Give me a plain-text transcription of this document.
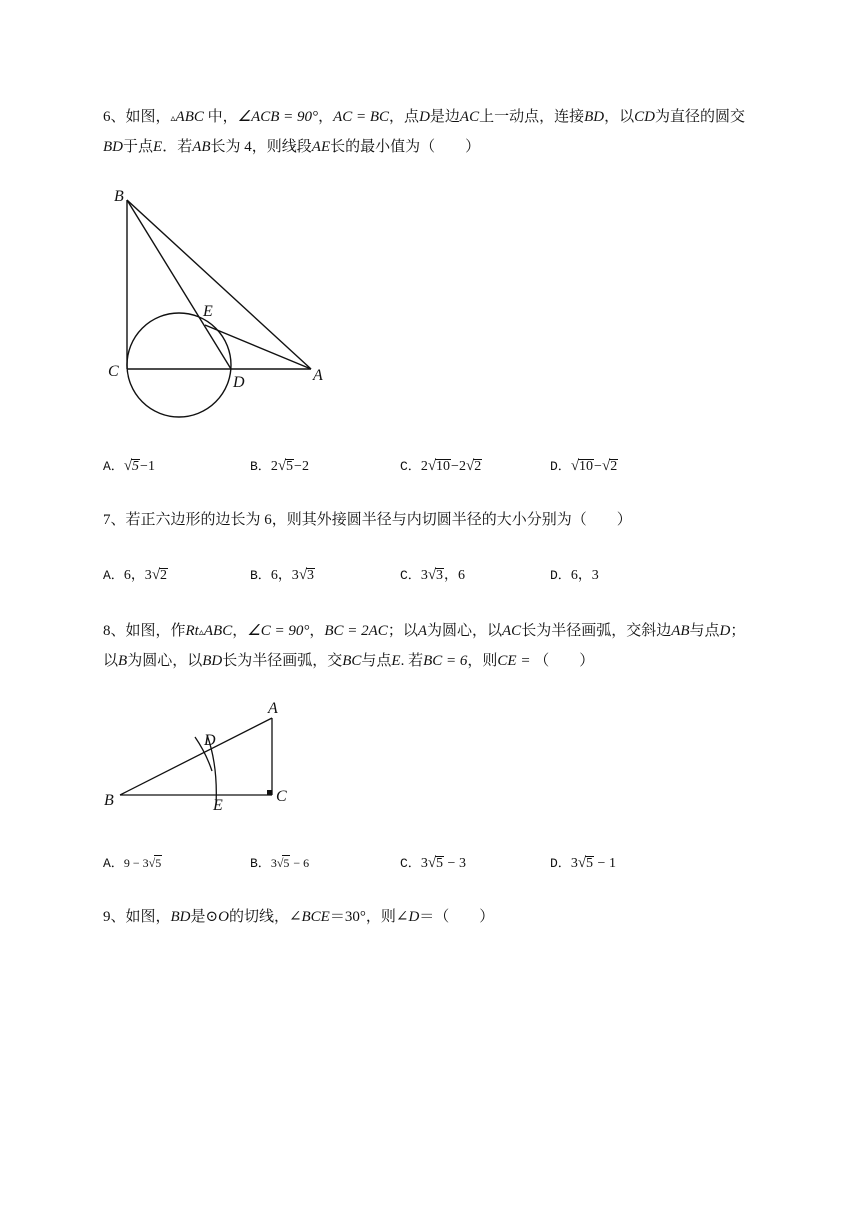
6、如图，▵ABC 中，∠ACB = 90°，AC = BC，点D是边AC上一动点，连接BD，以CD为直径的圆交
BD于点E．若AB长为 4，则线段AE长的最小值为（　　）

B
E
C
D	A
A．√5−1	B．2√5−2	C．2√10−2√2	D．√10−√2

7、若正六边形的边长为 6，则其外接圆半径与内切圆半径的大小分别为（　　）

A．6，3√2	B．6，3√3	C．3√3，6	D．6，3

8、如图，作Rt▵ABC，∠C = 90°，BC = 2AC；以A为圆心，以AC长为半径画弧，交斜边AB与点D；
以B为圆心，以BD长为半径画弧，交BC与点E. 若BC = 6，则CE = （　　）

A
D
B	E
C
A．9 − 3√5	B．3√5 − 6	C．3√5 − 3	D．3√5 − 1

9、如图，BD是⊙O的切线，∠BCE＝30°，则∠D＝（　　）
